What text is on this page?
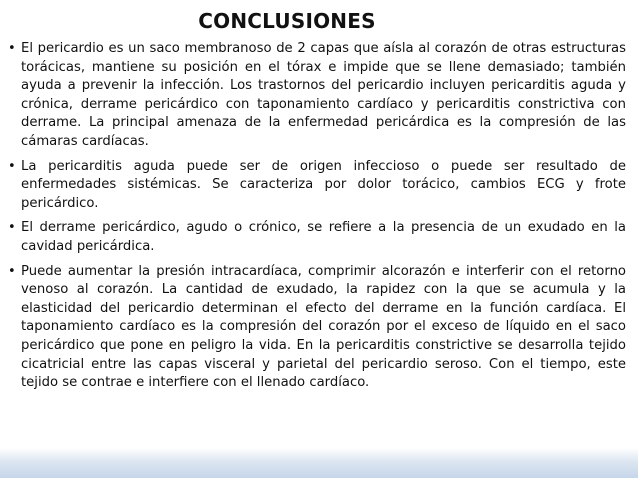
CONCLUSIONES
• El pericardio es un saco membranoso de 2 capas que aísla al corazón de otras estructuras torácicas, mantiene su posición en el tórax e impide que se llene demasiado; también ayuda a prevenir la infección. Los trastornos del pericardio incluyen pericarditis aguda y crónica, derrame pericárdico con taponamiento cardíaco y pericarditis constrictiva con derrame. La principal amenaza de la enfermedad pericárdica es la compresión de las cámaras cardíacas.
• La pericarditis aguda puede ser de origen infeccioso o puede ser resultado de enfermedades sistémicas. Se caracteriza por dolor torácico, cambios ECG y frote pericárdico.
• El derrame pericárdico, agudo o crónico, se refiere a la presencia de un exudado en la cavidad pericárdica.
• Puede aumentar la presión intracardíaca, comprimir alcorazón e interferir con el retorno venoso al corazón. La cantidad de exudado, la rapidez con la que se acumula y la elasticidad del pericardio determinan el efecto del derrame en la función cardíaca. El taponamiento cardíaco es la compresión del corazón por el exceso de líquido en el saco pericárdico que pone en peligro la vida. En la pericarditis constrictive se desarrolla tejido cicatricial entre las capas visceral y parietal del pericardio seroso. Con el tiempo, este tejido se contrae e interfiere con el llenado cardíaco.
